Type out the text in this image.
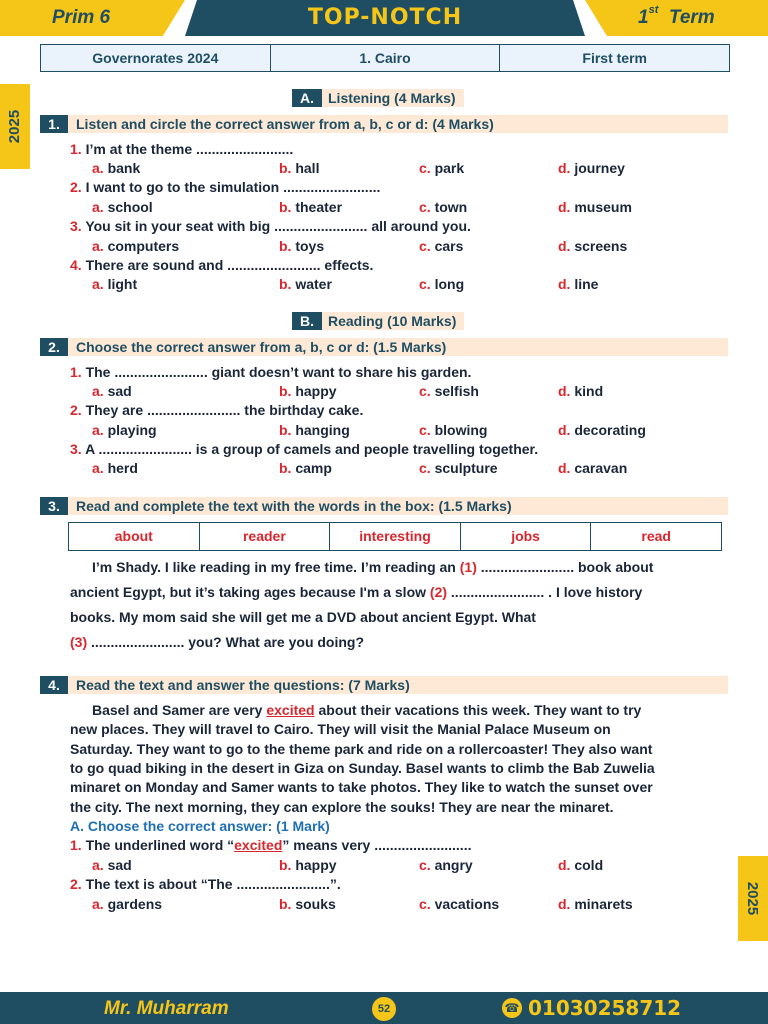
Prim 6	TOP-NOTCH	1st Term
2025
2025
Governorates 2024	1. Cairo	First term
A. Listening (4 Marks)
1. Listen and circle the correct answer from a, b, c or d: (4 Marks)
1. I’m at the theme .........................
a. bank	b. hall	c. park	d. journey
2. I want to go to the simulation .........................
a. school	b. theater	c. town	d. museum
3. You sit in your seat with big ........................ all around you.
a. computers	b. toys	c. cars	d. screens
4. There are sound and ........................ effects.
a. light	b. water	c. long	d. line
B. Reading (10 Marks)
2. Choose the correct answer from a, b, c or d: (1.5 Marks)
1. The ........................ giant doesn’t want to share his garden.
a. sad	b. happy	c. selfish	d. kind
2. They are ........................ the birthday cake.
a. playing	b. hanging	c. blowing	d. decorating
3. A ........................ is a group of camels and people travelling together.
a. herd	b. camp	c. sculpture	d. caravan
3. Read and complete the text with the words in the box: (1.5 Marks)
about	reader	interesting	jobs	read
I’m Shady. I like reading in my free time. I’m reading an (1) ........................ book about
ancient Egypt, but it’s taking ages because I'm a slow (2) ........................ . I love history
books. My mom said she will get me a DVD about ancient Egypt. What
(3) ........................ you? What are you doing?
4. Read the text and answer the questions: (7 Marks)
Basel and Samer are very excited about their vacations this week. They want to try
new places. They will travel to Cairo. They will visit the Manial Palace Museum on
Saturday. They want to go to the theme park and ride on a rollercoaster! They also want
to go quad biking in the desert in Giza on Sunday. Basel wants to climb the Bab Zuwelia
minaret on Monday and Samer wants to take photos. They like to watch the sunset over
the city. The next morning, they can explore the souks! They are near the minaret.
A. Choose the correct answer: (1 Mark)
1. The underlined word “excited” means very .........................
a. sad	b. happy	c. angry	d. cold
2. The text is about “The ........................”.
a. gardens	b. souks	c. vacations	d. minarets
Mr. Muharram	52	☎ 01030258712
